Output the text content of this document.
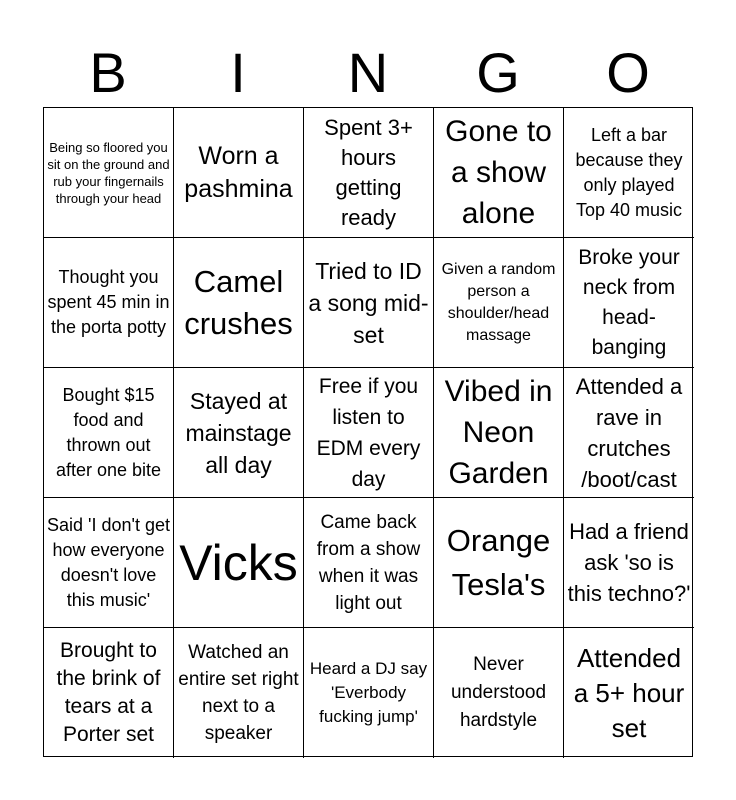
B	I	N	G	O
Being so floored you sit on the ground and rub your fingernails through your head
Worn a pashmina
Spent 3+ hours getting ready
Gone to a show alone
Left a bar because they only played Top 40 music
Thought you spent 45 min in the porta potty
Camel crushes
Tried to ID a song mid-set
Given a random person a shoulder/head massage
Broke your neck from head-banging
Bought $15 food and thrown out after one bite
Stayed at mainstage all day
Free if you listen to EDM every day
Vibed in Neon Garden
Attended a rave in crutches /boot/cast
Said 'I don't get how everyone doesn't love this music'
Vicks
Came back from a show when it was light out
Orange Tesla's
Had a friend ask 'so is this techno?'
Brought to the brink of tears at a Porter set
Watched an entire set right next to a speaker
Heard a DJ say 'Everbody fucking jump'
Never understood hardstyle
Attended a 5+ hour set
